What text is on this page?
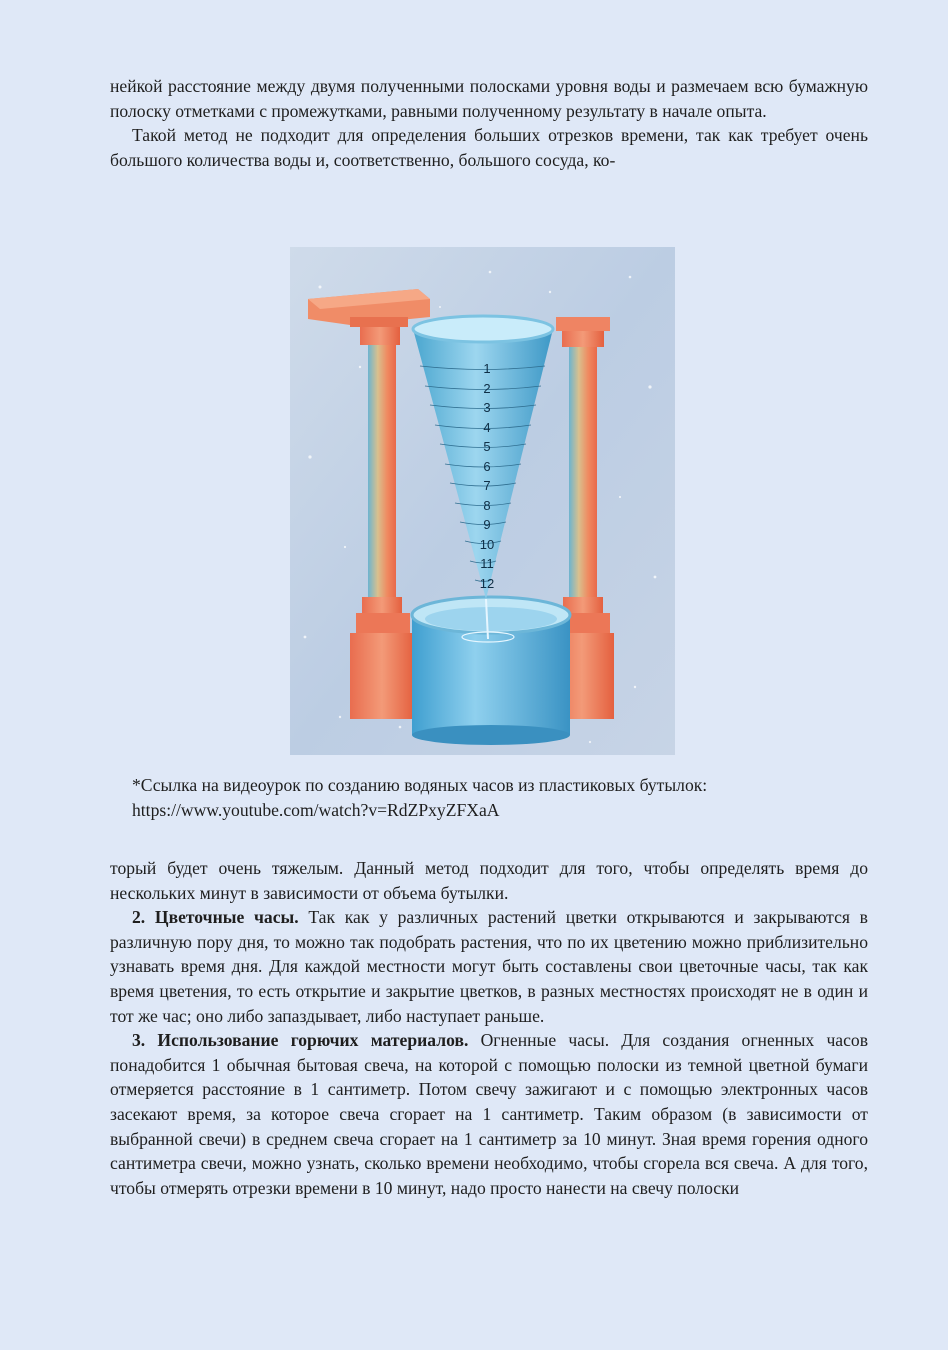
нейкой расстояние между двумя полученными полосками уровня воды и размечаем всю бумажную полоску отметками с промежутками, равными полученному результату в начале опыта.

Такой метод не подходит для определения больших отрезков времени, так как требует очень большого количества воды и, соответственно, большого сосуда, ко-

1
2
3
4
5
6
7
8
9
10
11
12
*Ссылка на видеоурок по созданию водяных часов из пластиковых бутылок:
https://www.youtube.com/watch?v=RdZPxyZFXaA

торый будет очень тяжелым. Данный метод подходит для того, чтобы определять время до нескольких минут в зависимости от объема бутылки.

2. Цветочные часы. Так как у различных растений цветки открываются и закрываются в различную пору дня, то можно так подобрать растения, что по их цветению можно приблизительно узнавать время дня. Для каждой местности могут быть составлены свои цветочные часы, так как время цветения, то есть открытие и закрытие цветков, в разных местностях происходят не в один и тот же час; оно либо запаздывает, либо наступает раньше.

3. Использование горючих материалов. Огненные часы. Для создания огненных часов понадобится 1 обычная бытовая свеча, на которой с помощью полоски из темной цветной бумаги отмеряется расстояние в 1 сантиметр. Потом свечу зажигают и с помощью электронных часов засекают время, за которое свеча сгорает на 1 сантиметр. Таким образом (в зависимости от выбранной свечи) в среднем свеча сгорает на 1 сантиметр за 10 минут. Зная время горения одного сантиметра свечи, можно узнать, сколько времени необходимо, чтобы сгорела вся свеча. А для того, чтобы отмерять отрезки времени в 10 минут, надо просто нанести на свечу полоски
